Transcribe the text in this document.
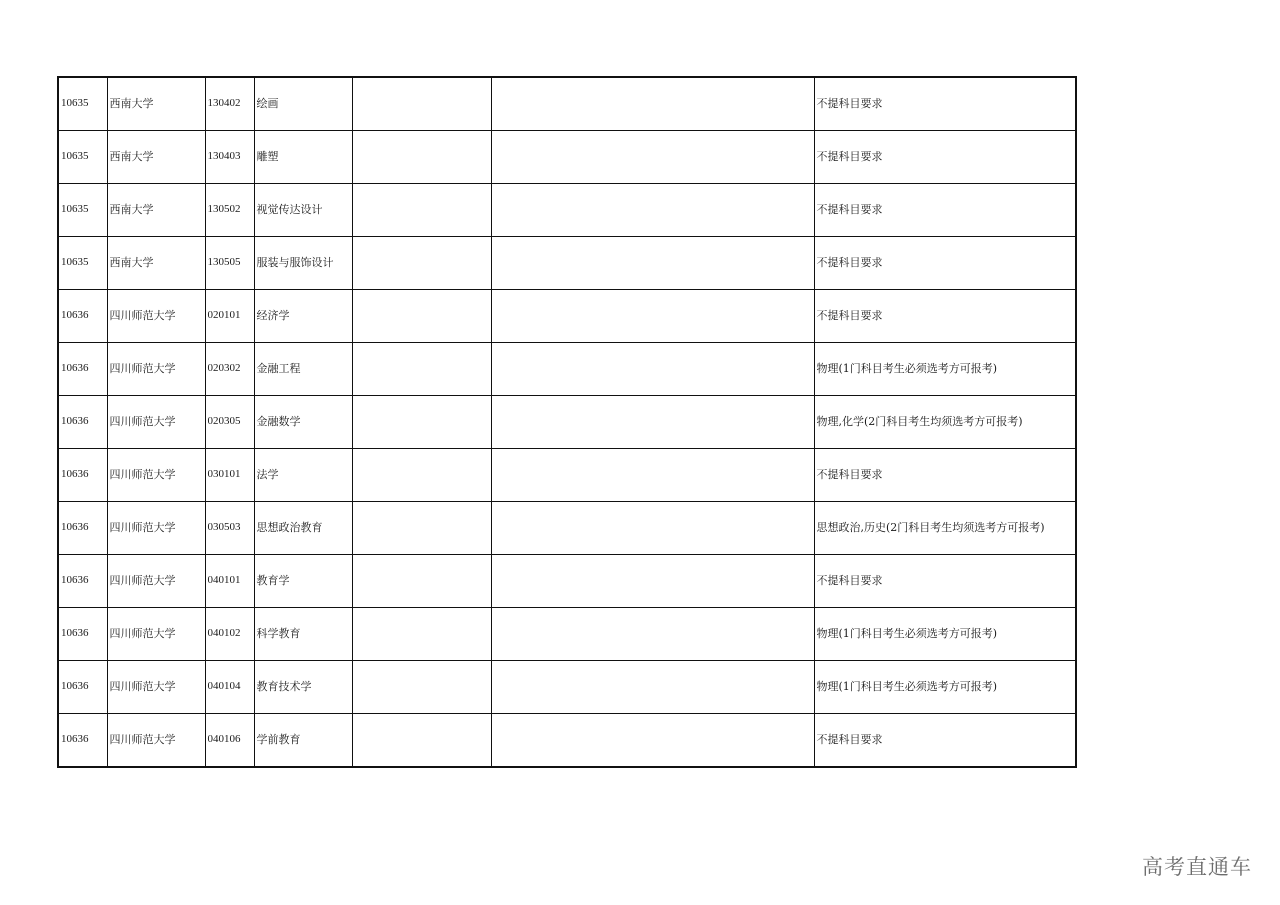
10635	西南大学	130402	绘画			不提科目要求
10635	西南大学	130403	雕塑			不提科目要求
10635	西南大学	130502	视觉传达设计			不提科目要求
10635	西南大学	130505	服装与服饰设计			不提科目要求
10636	四川师范大学	020101	经济学			不提科目要求
10636	四川师范大学	020302	金融工程			物理(1门科目考生必须选考方可报考)
10636	四川师范大学	020305	金融数学			物理,化学(2门科目考生均须选考方可报考)
10636	四川师范大学	030101	法学			不提科目要求
10636	四川师范大学	030503	思想政治教育			思想政治,历史(2门科目考生均须选考方可报考)
10636	四川师范大学	040101	教育学			不提科目要求
10636	四川师范大学	040102	科学教育			物理(1门科目考生必须选考方可报考)
10636	四川师范大学	040104	教育技术学			物理(1门科目考生必须选考方可报考)
10636	四川师范大学	040106	学前教育			不提科目要求
高考直通车
